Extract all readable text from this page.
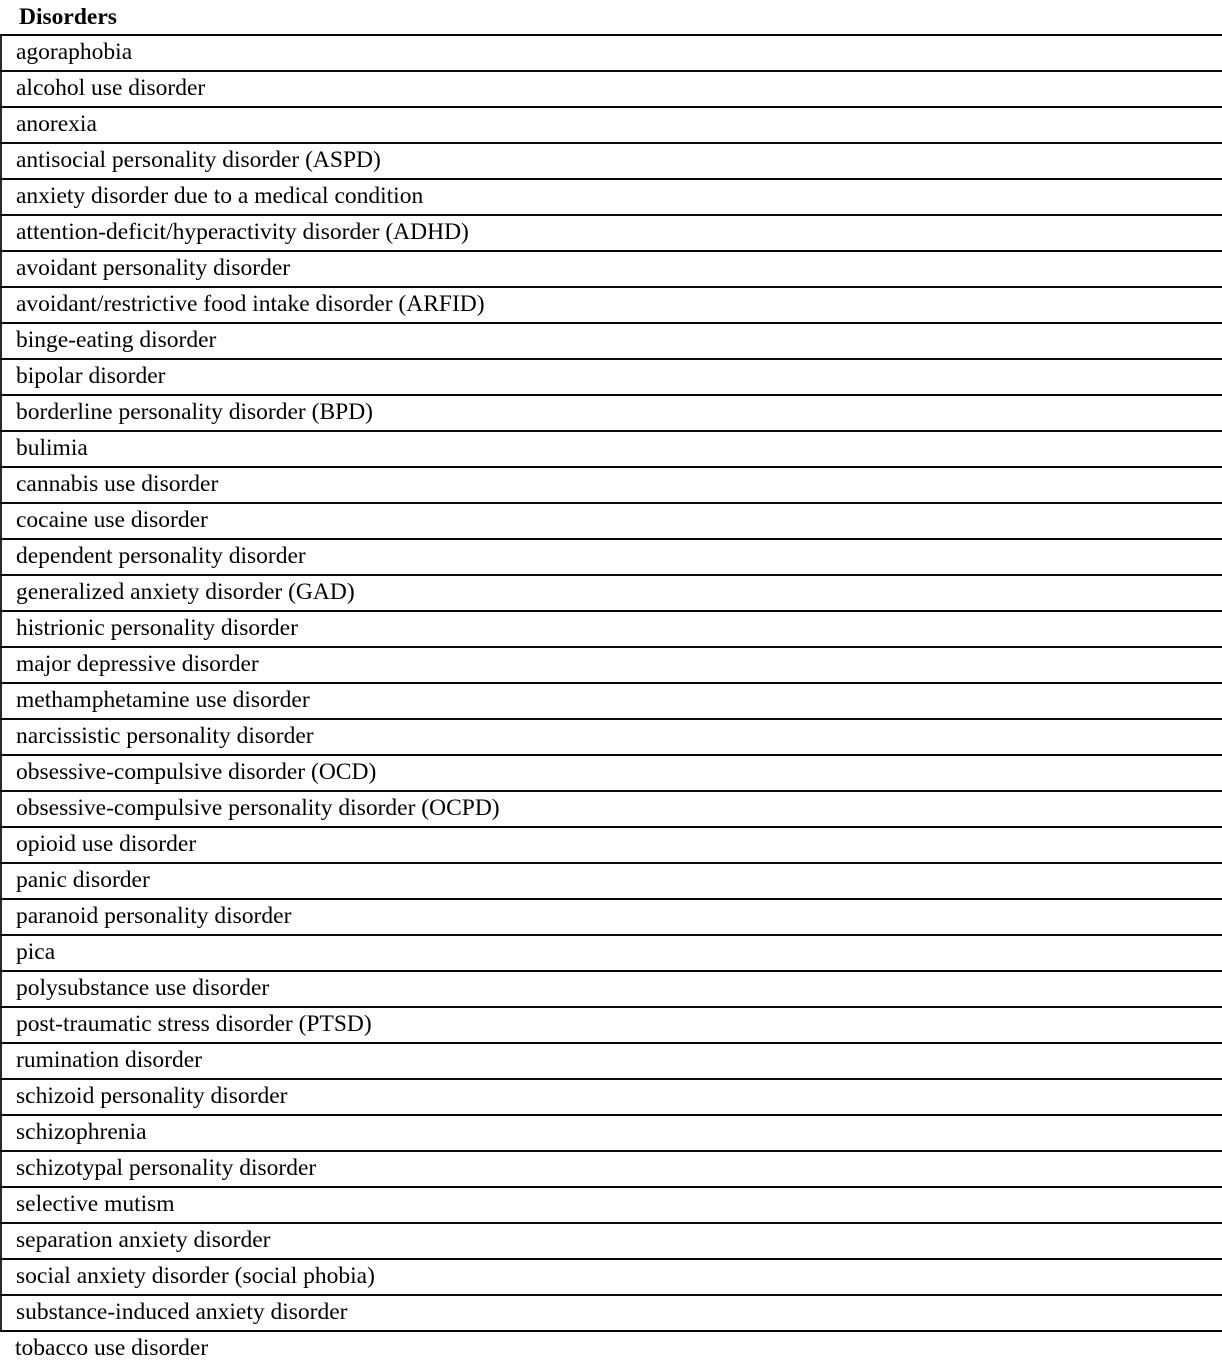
Disorders
agoraphobia
alcohol use disorder
anorexia
antisocial personality disorder (ASPD)
anxiety disorder due to a medical condition
attention-deficit/hyperactivity disorder (ADHD)
avoidant personality disorder
avoidant/restrictive food intake disorder (ARFID)
binge-eating disorder
bipolar disorder
borderline personality disorder (BPD)
bulimia
cannabis use disorder
cocaine use disorder
dependent personality disorder
generalized anxiety disorder (GAD)
histrionic personality disorder
major depressive disorder
methamphetamine use disorder
narcissistic personality disorder
obsessive-compulsive disorder (OCD)
obsessive-compulsive personality disorder (OCPD)
opioid use disorder
panic disorder
paranoid personality disorder
pica
polysubstance use disorder
post-traumatic stress disorder (PTSD)
rumination disorder
schizoid personality disorder
schizophrenia
schizotypal personality disorder
selective mutism
separation anxiety disorder
social anxiety disorder (social phobia)
substance-induced anxiety disorder
tobacco use disorder
